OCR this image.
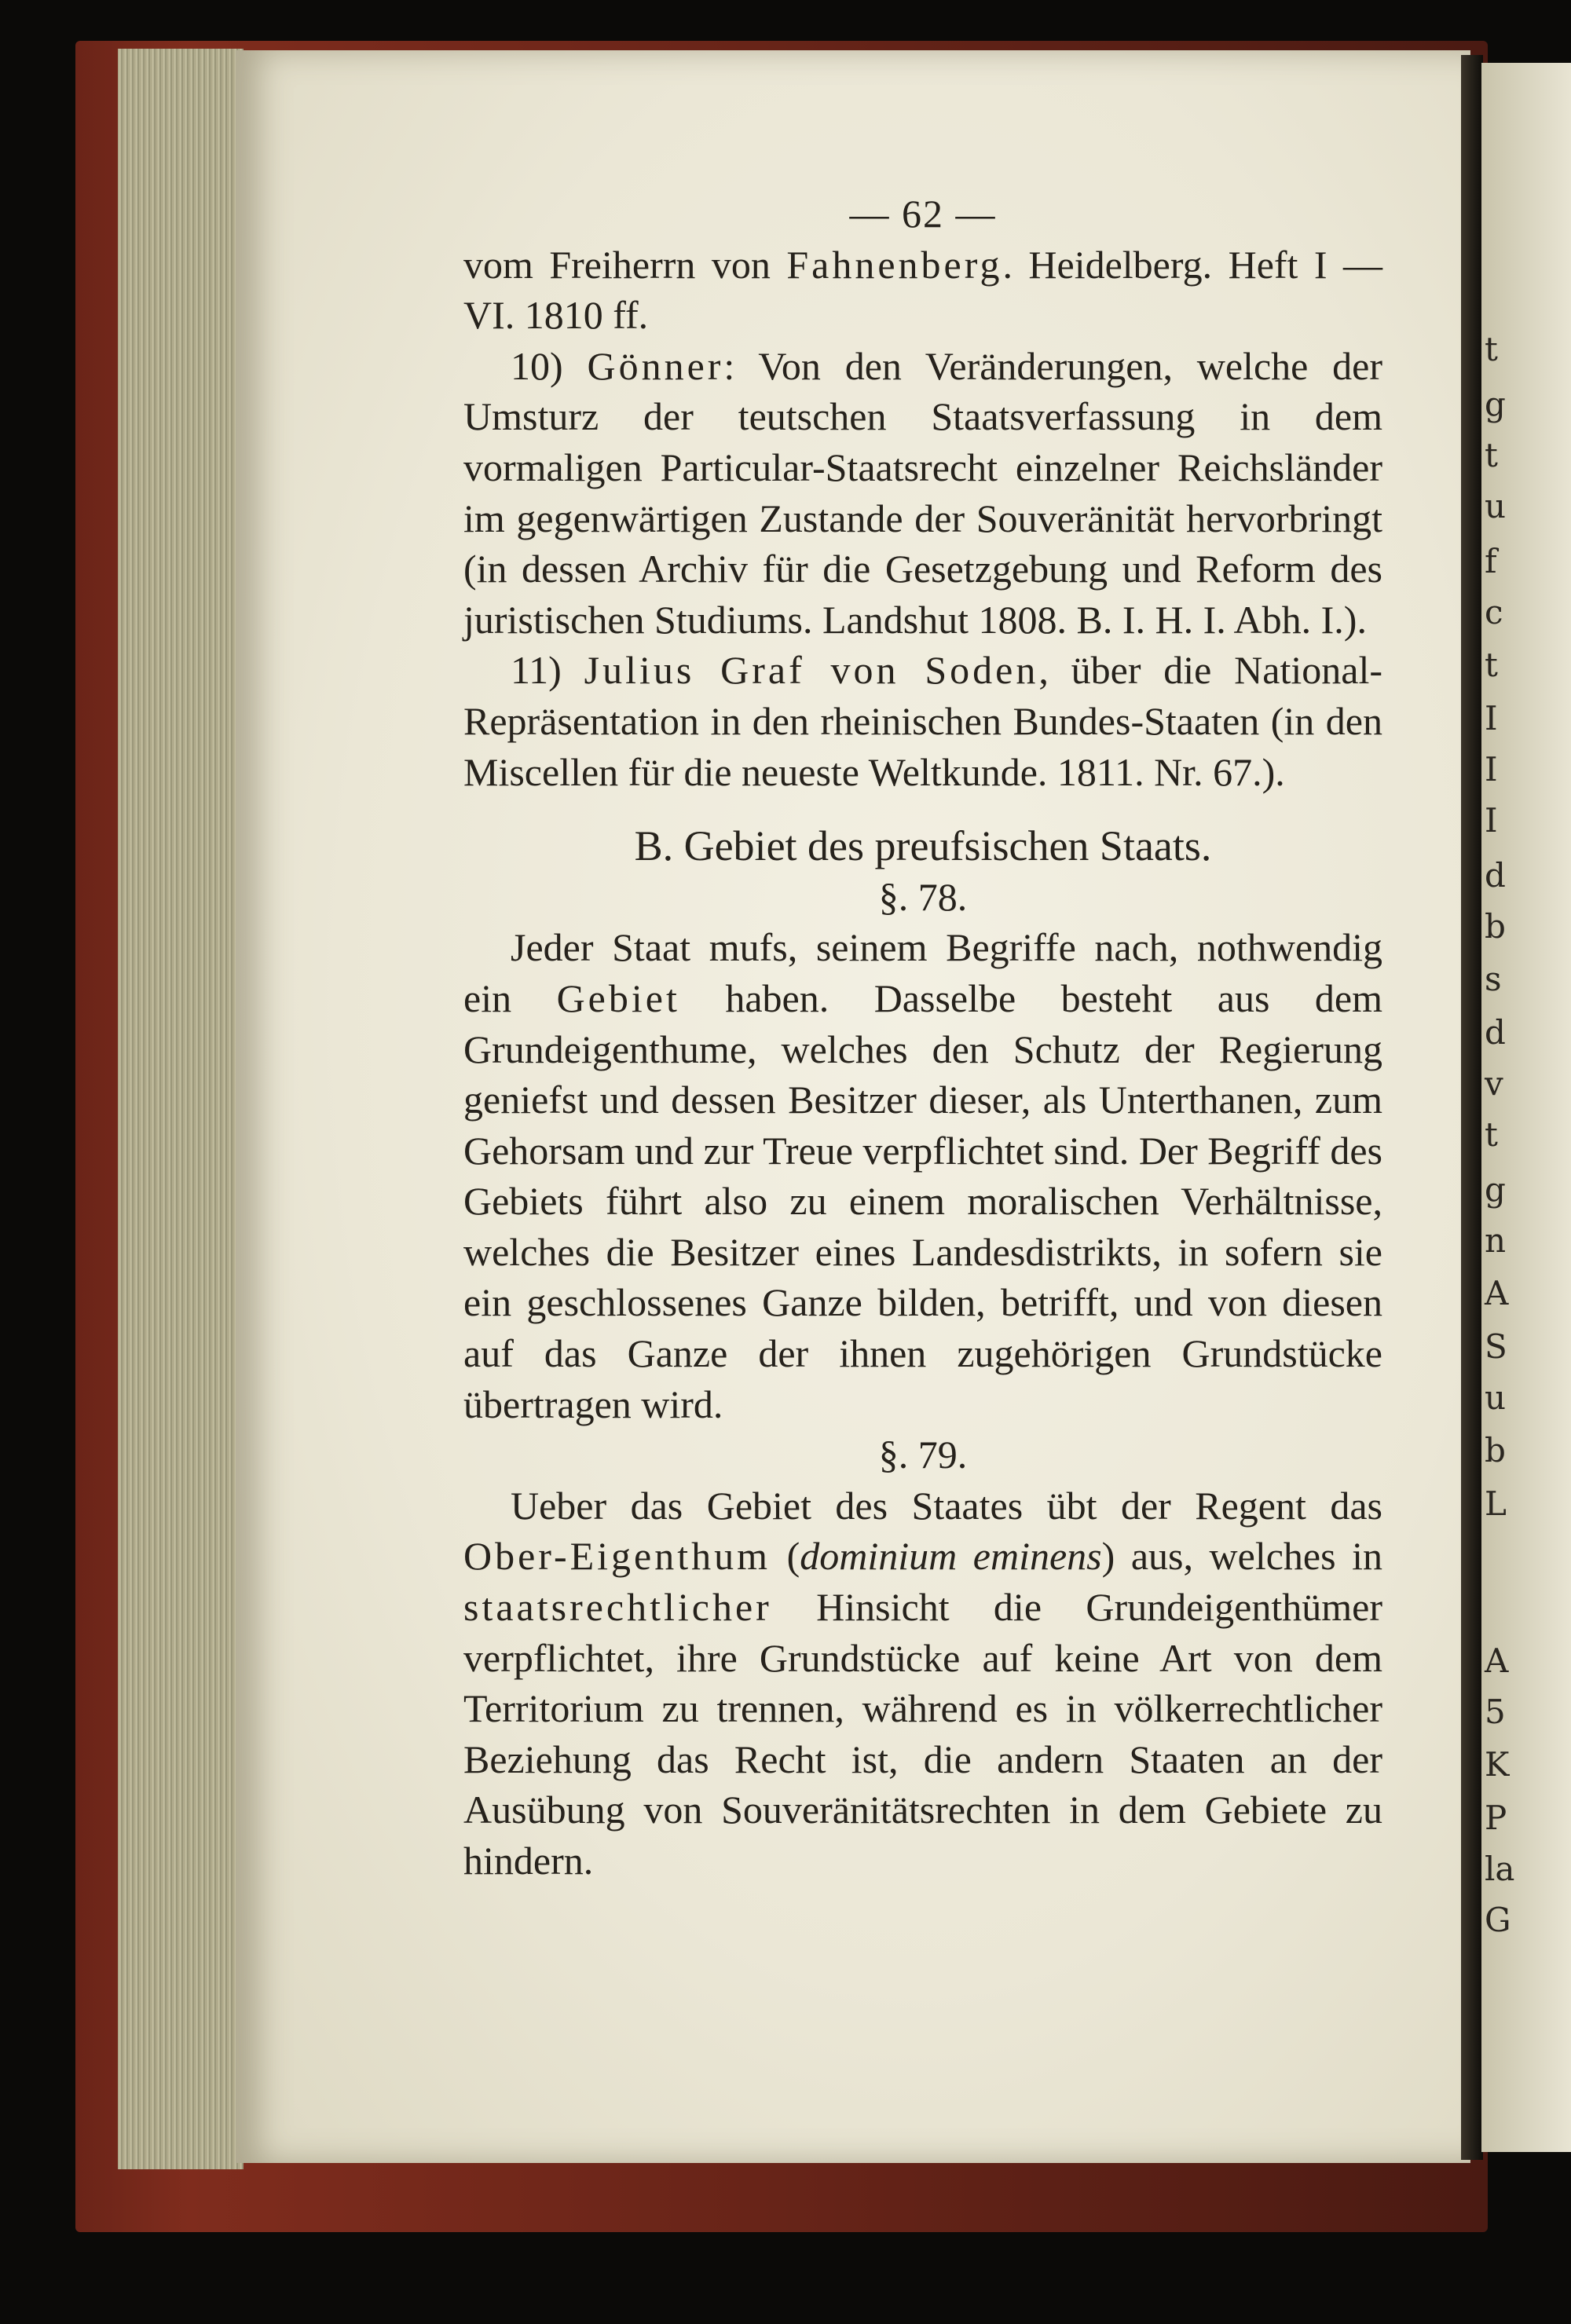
t
g
t
u
f
c
t
I
I
I
d
b
s
d
v
t
g
n
A
S
u
b
L
A
5
K
P
la
G
— 62 —

vom Freiherrn von Fahnenberg. Heidelberg. Heft I — VI. 1810 ff.

10) Gönner: Von den Veränderungen, welche der Umsturz der teutschen Staatsverfassung in dem vormaligen Particular-Staatsrecht einzelner Reichsländer im gegenwärtigen Zustande der Souveränität hervorbringt (in dessen Archiv für die Gesetzgebung und Reform des juristischen Studiums. Landshut 1808. B. I. H. I. Abh. I.).

11) Julius Graf von Soden, über die National-Repräsentation in den rheinischen Bundes-Staaten (in den Miscellen für die neueste Weltkunde. 1811. Nr. 67.).

B. Gebiet des preufsischen Staats.

§. 78.

Jeder Staat mufs, seinem Begriffe nach, nothwendig ein Gebiet haben. Dasselbe besteht aus dem Grundeigenthume, welches den Schutz der Regierung geniefst und dessen Besitzer dieser, als Unterthanen, zum Gehorsam und zur Treue verpflichtet sind. Der Begriff des Gebiets führt also zu einem moralischen Verhältnisse, welches die Besitzer eines Landesdistrikts, in sofern sie ein geschlossenes Ganze bilden, betrifft, und von diesen auf das Ganze der ihnen zugehörigen Grundstücke übertragen wird.

§. 79.

Ueber das Gebiet des Staates übt der Regent das Ober-Eigenthum (dominium eminens) aus, welches in staatsrechtlicher Hinsicht die Grundeigenthümer verpflichtet, ihre Grundstücke auf keine Art von dem Territorium zu trennen, während es in völkerrechtlicher Beziehung das Recht ist, die andern Staaten an der Ausübung von Souveränitätsrechten in dem Gebiete zu hindern.
